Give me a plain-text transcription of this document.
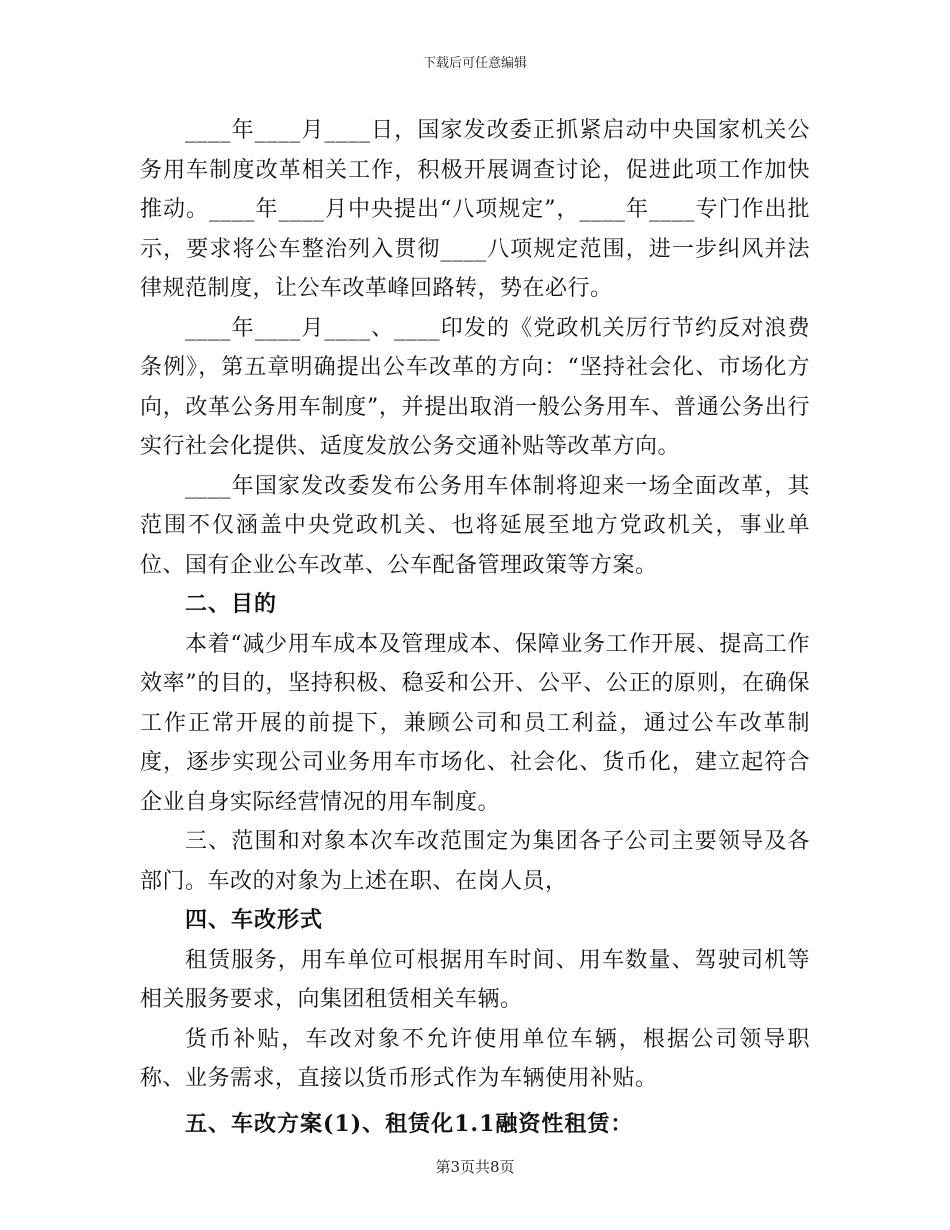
下载后可任意编辑

____年____月____日，国家发改委正抓紧启动中央国家机关公务用车制度改革相关工作，积极开展调查讨论，促进此项工作加快推动。____年____月中央提出“八项规定”，____年____专门作出批示，要求将公车整治列入贯彻____八项规定范围，进一步纠风并法律规范制度，让公车改革峰回路转，势在必行。

____年____月____、____印发的《党政机关厉行节约反对浪费条例》，第五章明确提出公车改革的方向：“坚持社会化、市场化方向，改革公务用车制度”，并提出取消一般公务用车、普通公务出行实行社会化提供、适度发放公务交通补贴等改革方向。

____年国家发改委发布公务用车体制将迎来一场全面改革，其范围不仅涵盖中央党政机关、也将延展至地方党政机关，事业单位、国有企业公车改革、公车配备管理政策等方案。

二、目的

本着“减少用车成本及管理成本、保障业务工作开展、提高工作效率”的目的，坚持积极、稳妥和公开、公平、公正的原则，在确保工作正常开展的前提下，兼顾公司和员工利益，通过公车改革制度，逐步实现公司业务用车市场化、社会化、货币化，建立起符合企业自身实际经营情况的用车制度。

三、范围和对象本次车改范围定为集团各子公司主要领导及各部门。车改的对象为上述在职、在岗人员，

四、车改形式

租赁服务，用车单位可根据用车时间、用车数量、驾驶司机等相关服务要求，向集团租赁相关车辆。

货币补贴，车改对象不允许使用单位车辆，根据公司领导职称、业务需求，直接以货币形式作为车辆使用补贴。

五、车改方案(1)、租赁化1.1融资性租赁：

第3页共8页
